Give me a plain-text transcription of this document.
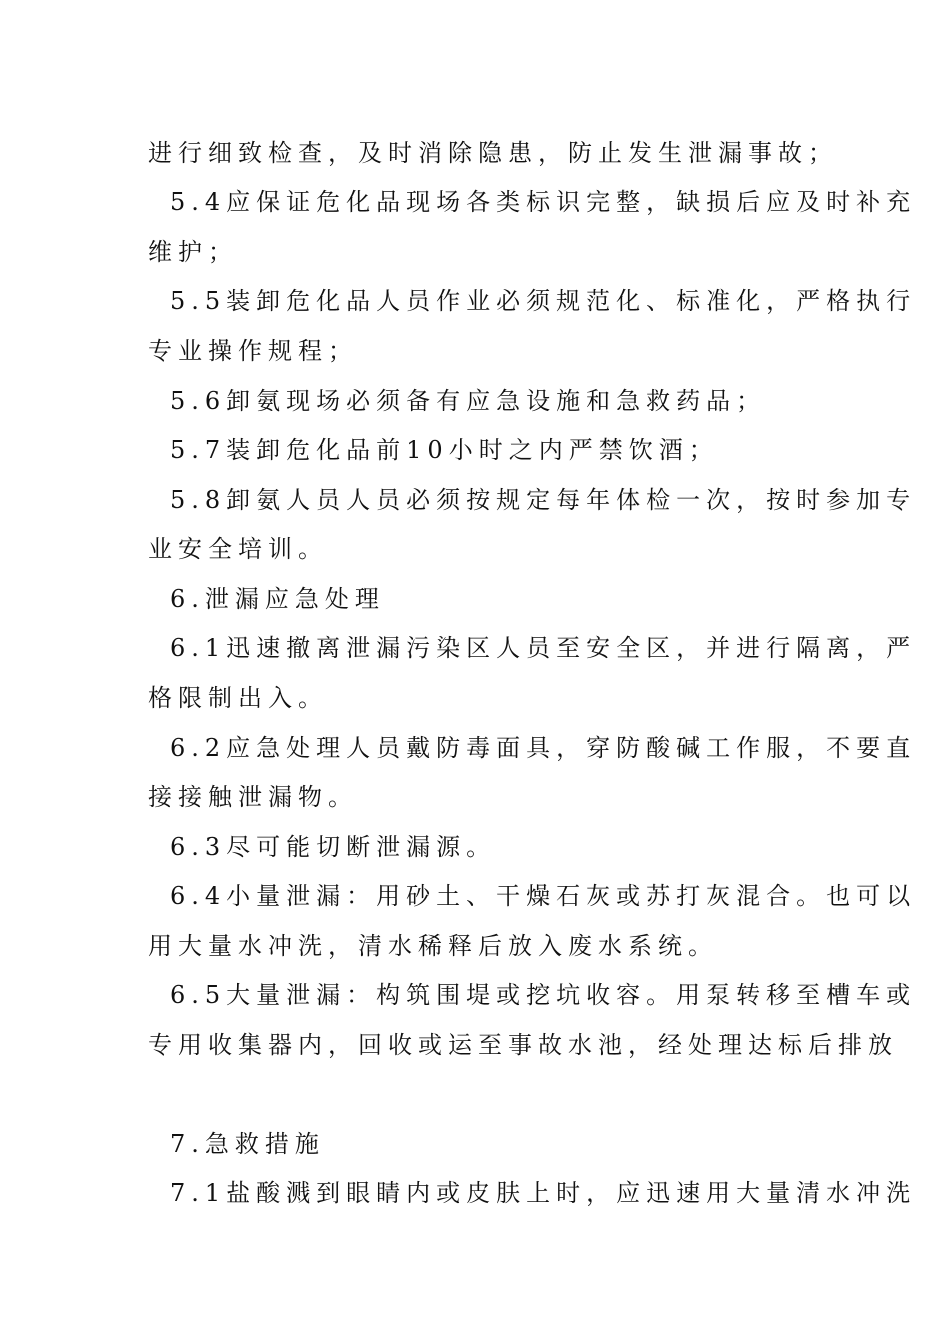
进行细致检查，及时消除隐患，防止发生泄漏事故；
5.4应保证危化品现场各类标识完整，缺损后应及时补充
维护；
5.5装卸危化品人员作业必须规范化、标准化，严格执行
专业操作规程；
5.6卸氨现场必须备有应急设施和急救药品；
5.7装卸危化品前10小时之内严禁饮酒；
5.8卸氨人员人员必须按规定每年体检一次，按时参加专
业安全培训。
6.泄漏应急处理
6.1迅速撤离泄漏污染区人员至安全区，并进行隔离，严
格限制出入。
6.2应急处理人员戴防毒面具，穿防酸碱工作服，不要直
接接触泄漏物。
6.3尽可能切断泄漏源。
6.4小量泄漏：用砂土、干燥石灰或苏打灰混合。也可以
用大量水冲洗，清水稀释后放入废水系统。
6.5大量泄漏：构筑围堤或挖坑收容。用泵转移至槽车或
专用收集器内，回收或运至事故水池，经处理达标后排放
7.急救措施
7.1盐酸溅到眼睛内或皮肤上时，应迅速用大量清水冲洗
